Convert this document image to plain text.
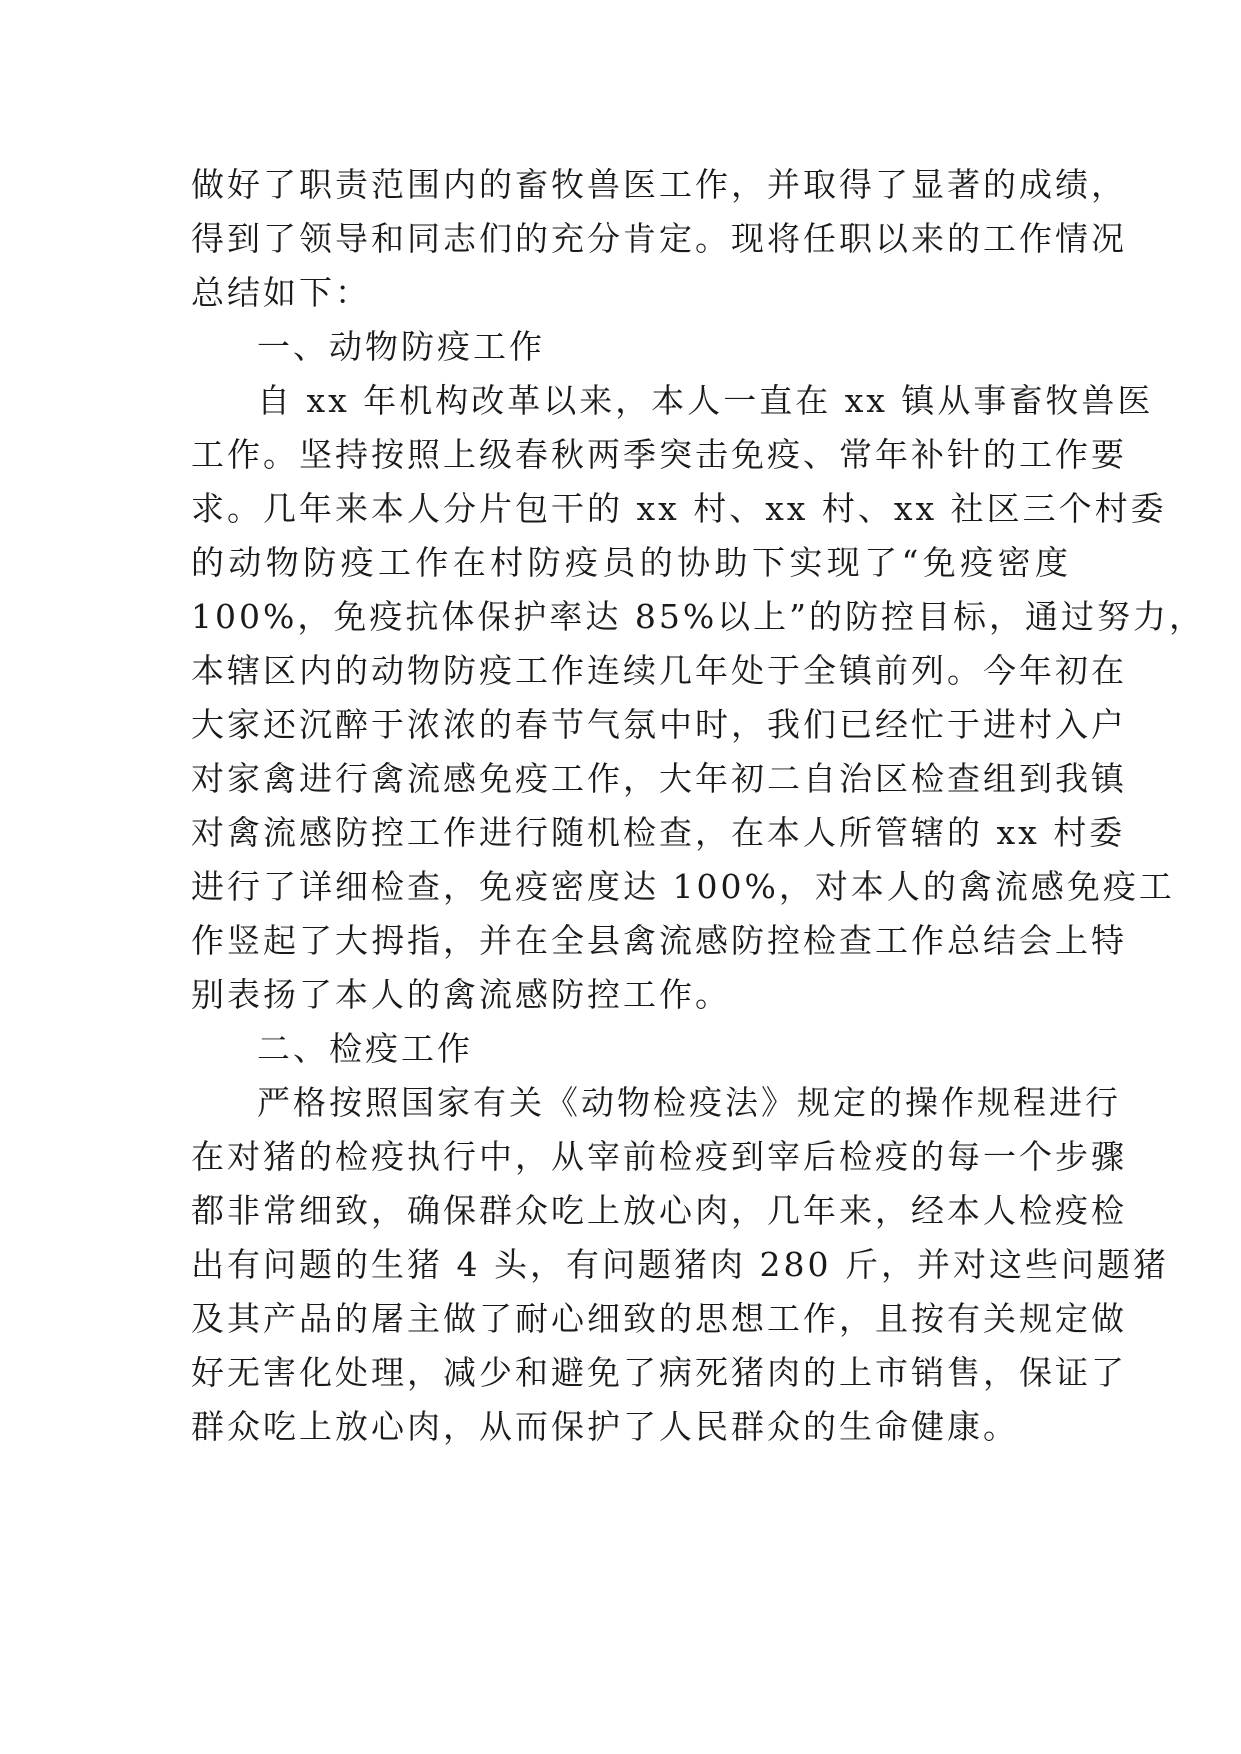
做好了职责范围内的畜牧兽医工作，并取得了显著的成绩，
得到了领导和同志们的充分肯定。现将任职以来的工作情况
总结如下：
一、动物防疫工作
自 xx 年机构改革以来，本人一直在 xx 镇从事畜牧兽医
工作。坚持按照上级春秋两季突击免疫、常年补针的工作要
求。几年来本人分片包干的 xx 村、xx 村、xx 社区三个村委
的动物防疫工作在村防疫员的协助下实现了“免疫密度
100%，免疫抗体保护率达 85%以上”的防控目标，通过努力，
本辖区内的动物防疫工作连续几年处于全镇前列。今年初在
大家还沉醉于浓浓的春节气氛中时，我们已经忙于进村入户
对家禽进行禽流感免疫工作，大年初二自治区检查组到我镇
对禽流感防控工作进行随机检查，在本人所管辖的 xx 村委
进行了详细检查，免疫密度达 100%，对本人的禽流感免疫工
作竖起了大拇指，并在全县禽流感防控检查工作总结会上特
别表扬了本人的禽流感防控工作。
二、检疫工作
严格按照国家有关《动物检疫法》规定的操作规程进行
在对猪的检疫执行中，从宰前检疫到宰后检疫的每一个步骤
都非常细致，确保群众吃上放心肉，几年来，经本人检疫检
出有问题的生猪 4 头，有问题猪肉 280 斤，并对这些问题猪
及其产品的屠主做了耐心细致的思想工作，且按有关规定做
好无害化处理，减少和避免了病死猪肉的上市销售，保证了
群众吃上放心肉，从而保护了人民群众的生命健康。
